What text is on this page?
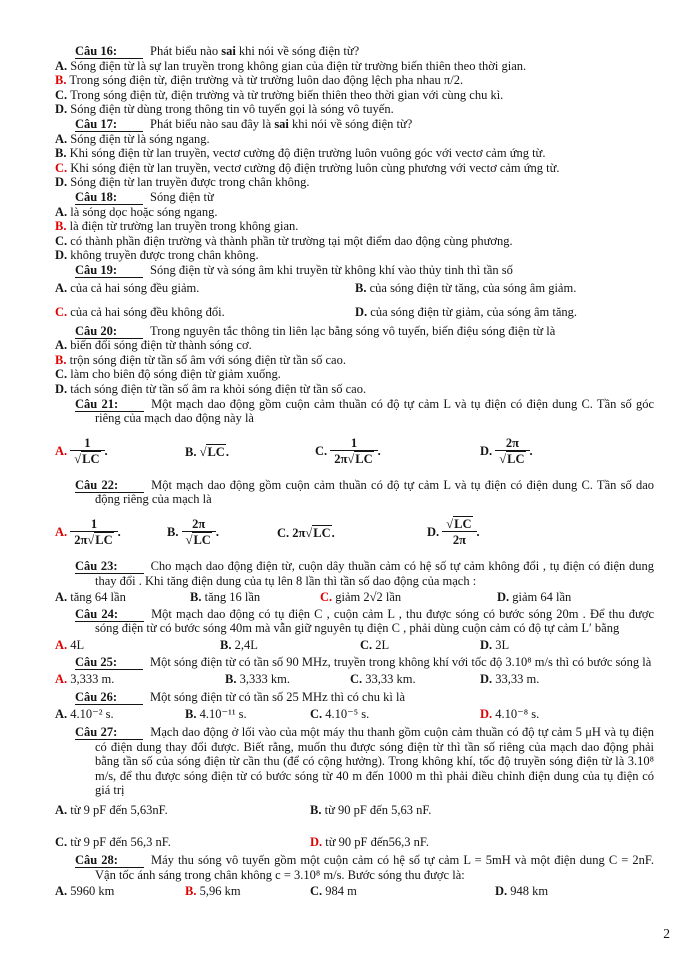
Câu 16:	Phát biểu nào sai khi nói về sóng điện từ?

A. Sóng điện từ là sự lan truyền trong không gian của điện từ trường biến thiên theo thời gian.
B. Trong sóng điện từ, điện trường và từ trường luôn dao động lệch pha nhau π/2.
C. Trong sóng điện từ, điện trường và từ trường biến thiên theo thời gian với cùng chu kì.
D. Sóng điện từ dùng trong thông tin vô tuyến gọi là sóng vô tuyến.

Câu 17:	Phát biểu nào sau đây là sai khi nói về sóng điện từ?

A. Sóng điện từ là sóng ngang.
B. Khi sóng điện từ lan truyền, vectơ cường độ điện trường luôn vuông góc với vectơ cảm ứng từ.
C. Khi sóng điện từ lan truyền, vectơ cường độ điện trường luôn cùng phương với vectơ cảm ứng từ.
D. Sóng điện từ lan truyền được trong chân không.

Câu 18:	Sóng điện từ

A. là sóng dọc hoặc sóng ngang.
B. là điện từ trường lan truyền trong không gian.
C. có thành phần điện trường và thành phần từ trường tại một điểm dao động cùng phương.
D. không truyền được trong chân không.

Câu 19:	Sóng điện từ và sóng âm khi truyền từ không khí vào thủy tinh thì tần số

A. của cả hai sóng đều giảm.	B. của sóng điện từ tăng, của sóng âm giảm.
C. của cả hai sóng đều không đổi.	D. của sóng điện từ giảm, của sóng âm tăng.

Câu 20:	Trong nguyên tắc thông tin liên lạc bằng sóng vô tuyến, biến điệu sóng điện từ là

A. biến đổi sóng điện từ thành sóng cơ.
B. trộn sóng điện từ tần số âm với sóng điện từ tần số cao.
C. làm cho biên độ sóng điện từ giảm xuống.
D. tách sóng điện từ tần số âm ra khỏi sóng điện từ tần số cao.

Câu 21:	Một mạch dao động gồm cuộn cảm thuần có độ tự cảm L và tụ điện có điện dung C. Tần số góc riêng của mạch dao động này là

A. $\frac{1}{√LC}$ .	B. √LC.	C. $\frac{1}{2\pi√LC}$ .	D. $\frac{2\pi}{√LC}$ .

Câu 22:	Một mạch dao động gồm cuộn cảm thuần có độ tự cảm L và tụ điện có điện dung C. Tần số dao động riêng của mạch là

A. $\frac{1}{2\pi√LC}$ .	B. $\frac{2\pi}{√LC}$ .	C. 2π√LC.	D. $\frac{√LC}{2\pi}$ .

Câu 23:	Cho mạch dao động điện từ, cuộn dây thuần cảm có hệ số tự cảm không đổi , tụ điện có điện dung thay đổi . Khi tăng điện dung của tụ lên 8 lần thì tần số dao động của mạch :

A. tăng 64 lần	B. tăng 16 lần	C. giảm 2√2 lần	D. giảm 64 lần

Câu 24:	Một mạch dao động có tụ điện C , cuộn cảm L , thu được sóng có bước sóng 20m . Để thu được sóng điện từ có bước sóng 40m mà vẫn giữ nguyên tụ điện C , phải dùng cuộn cảm có độ tự cảm L′ bằng

A. 4L	B. 2,4L	C. 2L	D. 3L

Câu 25:	Một sóng điện từ có tần số 90 MHz, truyền trong không khí với tốc độ 3.10⁸ m/s thì có bước sóng là

A. 3,333 m.	B. 3,333 km.	C. 33,33 km.	D. 33,33 m.

Câu 26:	Một sóng điện từ có tần số 25 MHz thì có chu kì là

A. 4.10⁻² s.	B. 4.10⁻¹¹ s.	C. 4.10⁻⁵ s.	D. 4.10⁻⁸ s.

Câu 27:	Mạch dao động ở lối vào của một máy thu thanh gồm cuộn cảm thuần có độ tự cảm 5 μH và tụ điện có điện dung thay đổi được. Biết rằng, muốn thu được sóng điện từ thì tần số riêng của mạch dao động phải bằng tần số của sóng điện từ cần thu (để có cộng hưởng). Trong không khí, tốc độ truyền sóng điện từ là 3.10⁸ m/s, để thu được sóng điện từ có bước sóng từ 40 m đến 1000 m thì phải điều chỉnh điện dung của tụ điện có giá trị

A. từ 9 pF đến 5,63nF.	B. từ 90 pF đến 5,63 nF.
C. từ 9 pF đến 56,3 nF.	D. từ 90 pF đến56,3 nF.

Câu 28:	Máy thu sóng vô tuyến gồm một cuộn cảm có hệ số tự cảm L = 5mH và một điện dung C = 2nF. Vận tốc ánh sáng trong chân không c = 3.10⁸ m/s. Bước sóng thu được là:

A. 5960 km	B. 5,96 km	C. 984 m	D. 948 km
2
